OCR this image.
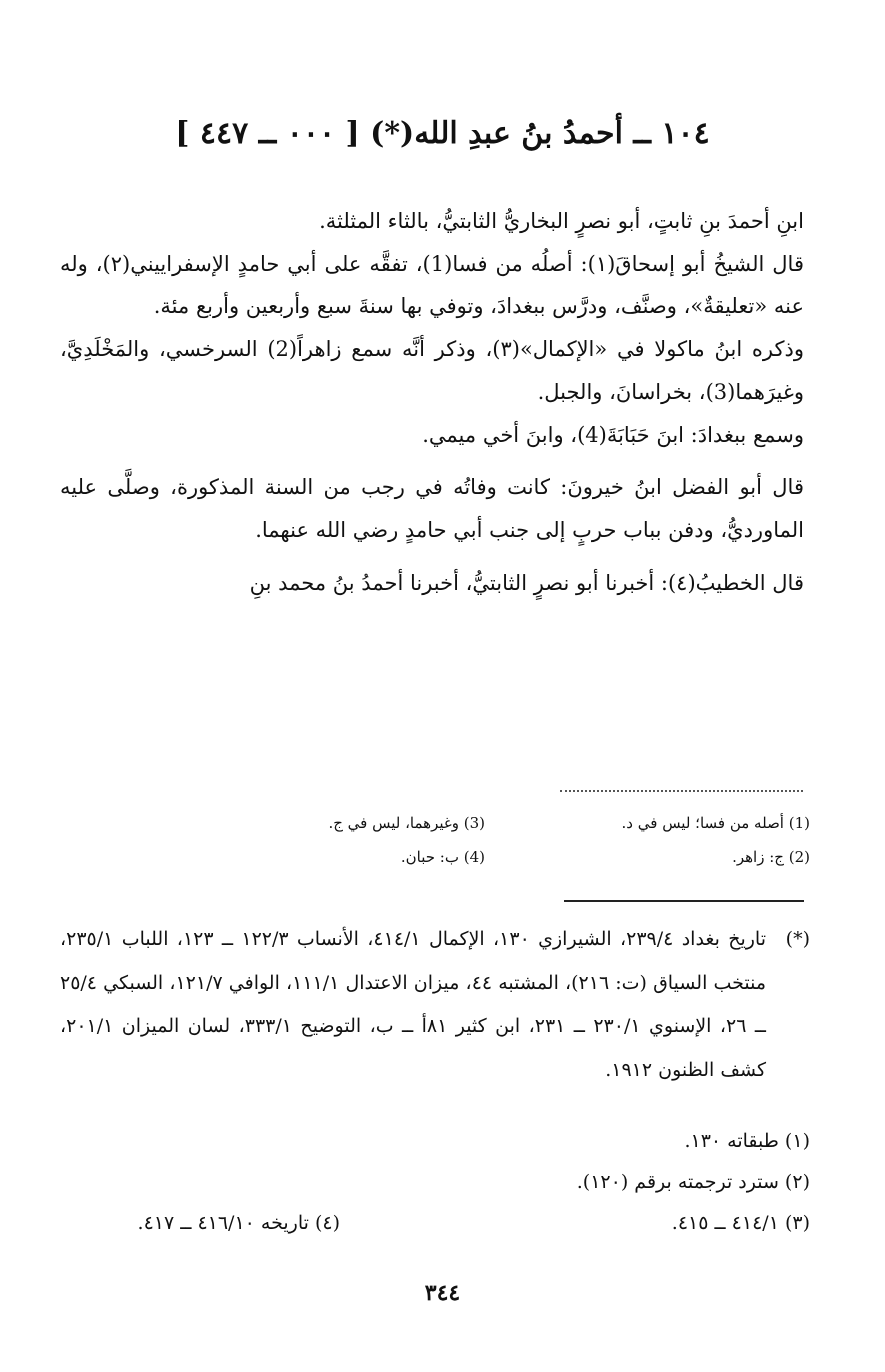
١٠٤ ــ أحمدُ بنُ عبدِ الله(*) [ ٠٠٠ ــ ٤٤٧ ]

ابنِ أحمدَ بنِ ثابتٍ، أبو نصرٍ البخاريُّ الثابتيُّ، بالثاء المثلثة.

قال الشيخُ أبو إسحاقَ(١): أصلُه من فسا(1)، تفقَّه على أبي حامدٍ الإسفراييني(٢)، وله عنه «تعليقةٌ»، وصنَّف، ودرَّس ببغدادَ، وتوفي بها سنةَ سبع وأربعين وأربع مئة.

وذكره ابنُ ماكولا في «الإكمال»(٣)، وذكر أنَّه سمع زاهراً(2) السرخسي، والمَخْلَدِيَّ، وغيرَهما(3)، بخراسانَ، والجبل.

وسمع ببغدادَ: ابنَ حَبَابَةَ(4)، وابنَ أخي ميمي.

قال أبو الفضل ابنُ خيرونَ: كانت وفاتُه في رجب من السنة المذكورة، وصلَّى عليه الماورديُّ، ودفن بباب حربٍ إلى جنب أبي حامدٍ رضي الله عنهما.

قال الخطيبُ(٤): أخبرنا أبو نصرٍ الثابتيُّ، أخبرنا أحمدُ بنُ محمد بنِ

(1) أصله من فسا؛ ليس في د.
(3) وغيرهما، ليس في ج.
(2) ج: زاهر.
(4) ب: حبان.
(*)
تاريخ بغداد ٢٣٩/٤، الشيرازي ١٣٠، الإكمال ٤١٤/١، الأنساب ١٢٢/٣ ــ ١٢٣، اللباب ٢٣٥/١، منتخب السياق (ت: ٢١٦)، المشتبه ٤٤، ميزان الاعتدال ١١١/١، الوافي ١٢١/٧، السبكي ٢٥/٤ ــ ٢٦، الإسنوي ٢٣٠/١ ــ ٢٣١، ابن كثير ٨١أ ــ ب، التوضيح ٣٣٣/١، لسان الميزان ٢٠١/١، كشف الظنون ١٩١٢.
(١) طبقاته ١٣٠.
(٢) سترد ترجمته برقم (١٢٠).
(٣) ٤١٤/١ ــ ٤١٥.
(٤) تاريخه ٤١٦/١٠ ــ ٤١٧.
٣٤٤
